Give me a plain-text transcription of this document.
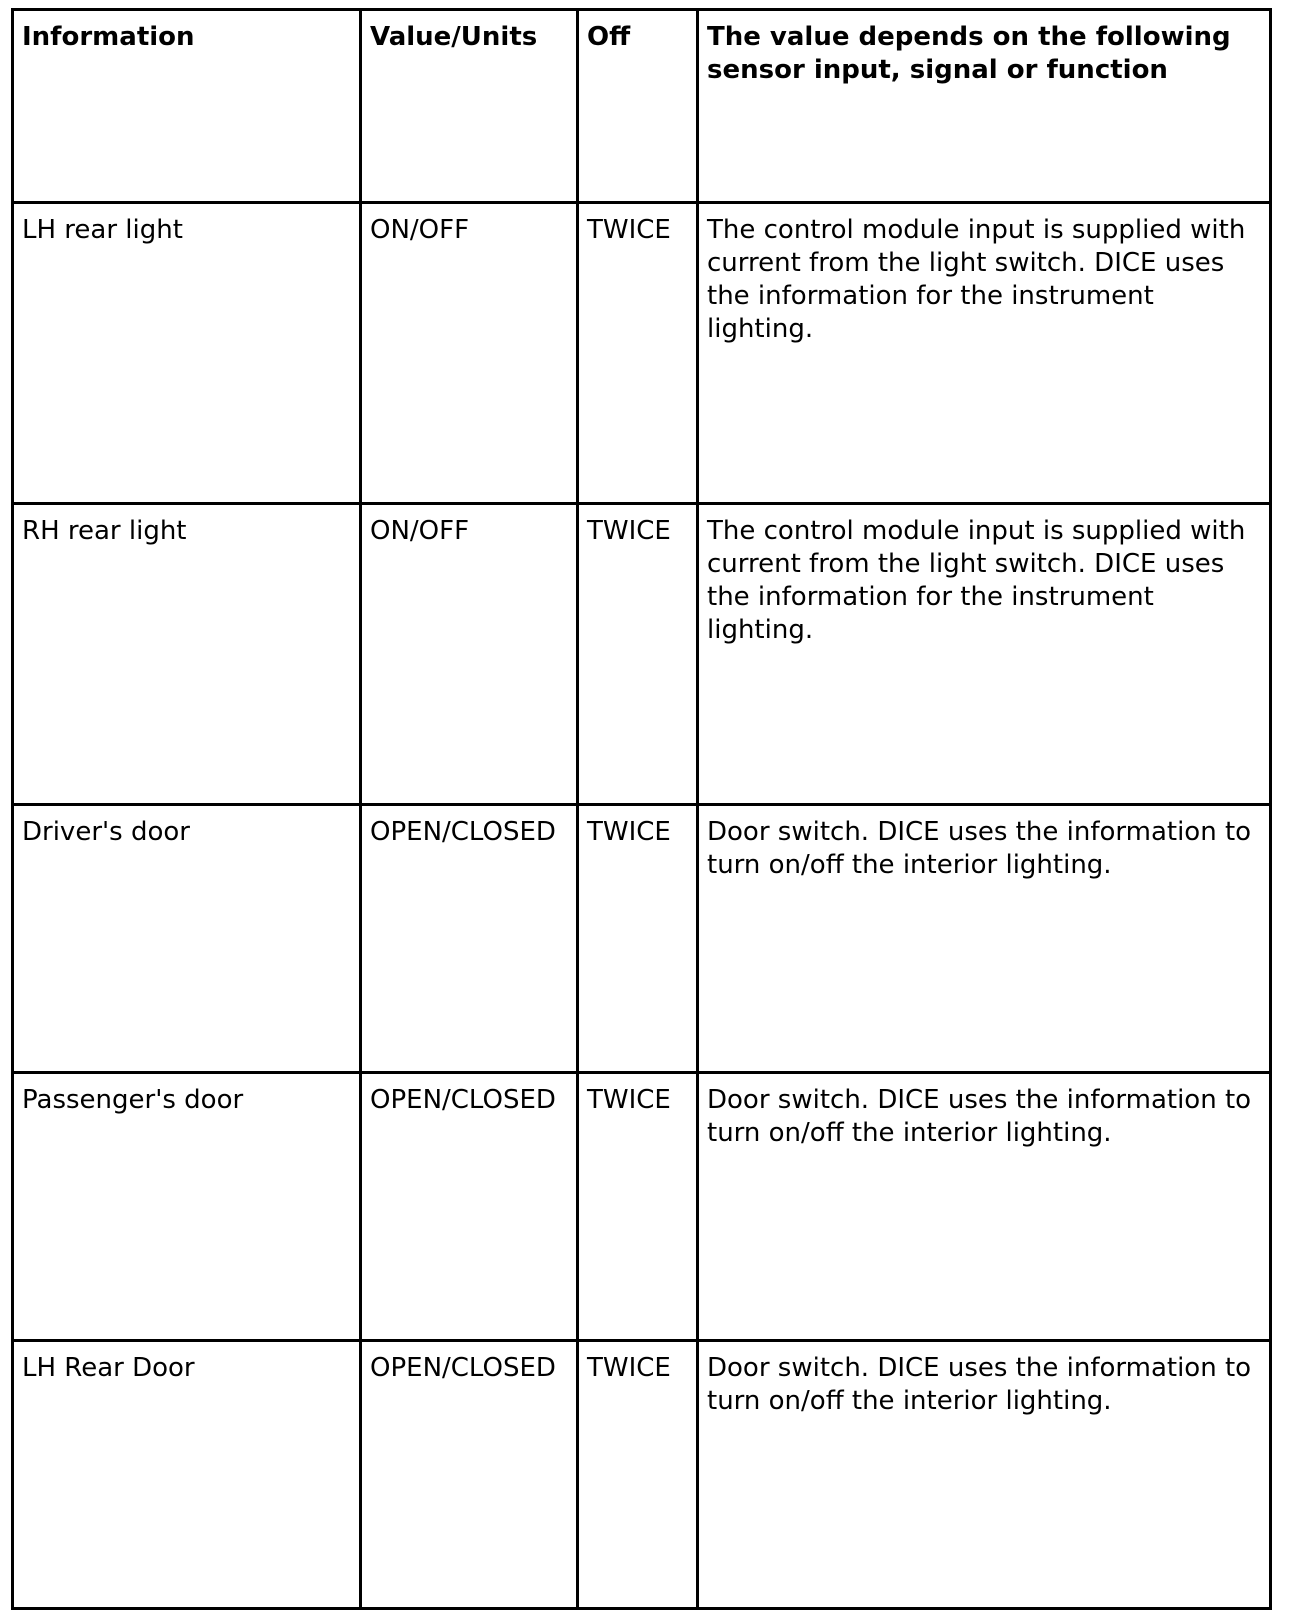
Information	Value/Units	Off	The value depends on the following sensor input, signal or function
LH rear light	ON/OFF	TWICE	The control module input is supplied with current from the light switch. DICE uses the information for the instrument lighting.
RH rear light	ON/OFF	TWICE	The control module input is supplied with current from the light switch. DICE uses the information for the instrument lighting.
Driver's door	OPEN/CLOSED	TWICE	Door switch. DICE uses the information to turn on/off the interior lighting.
Passenger's door	OPEN/CLOSED	TWICE	Door switch. DICE uses the information to turn on/off the interior lighting.
LH Rear Door	OPEN/CLOSED	TWICE	Door switch. DICE uses the information to turn on/off the interior lighting.
